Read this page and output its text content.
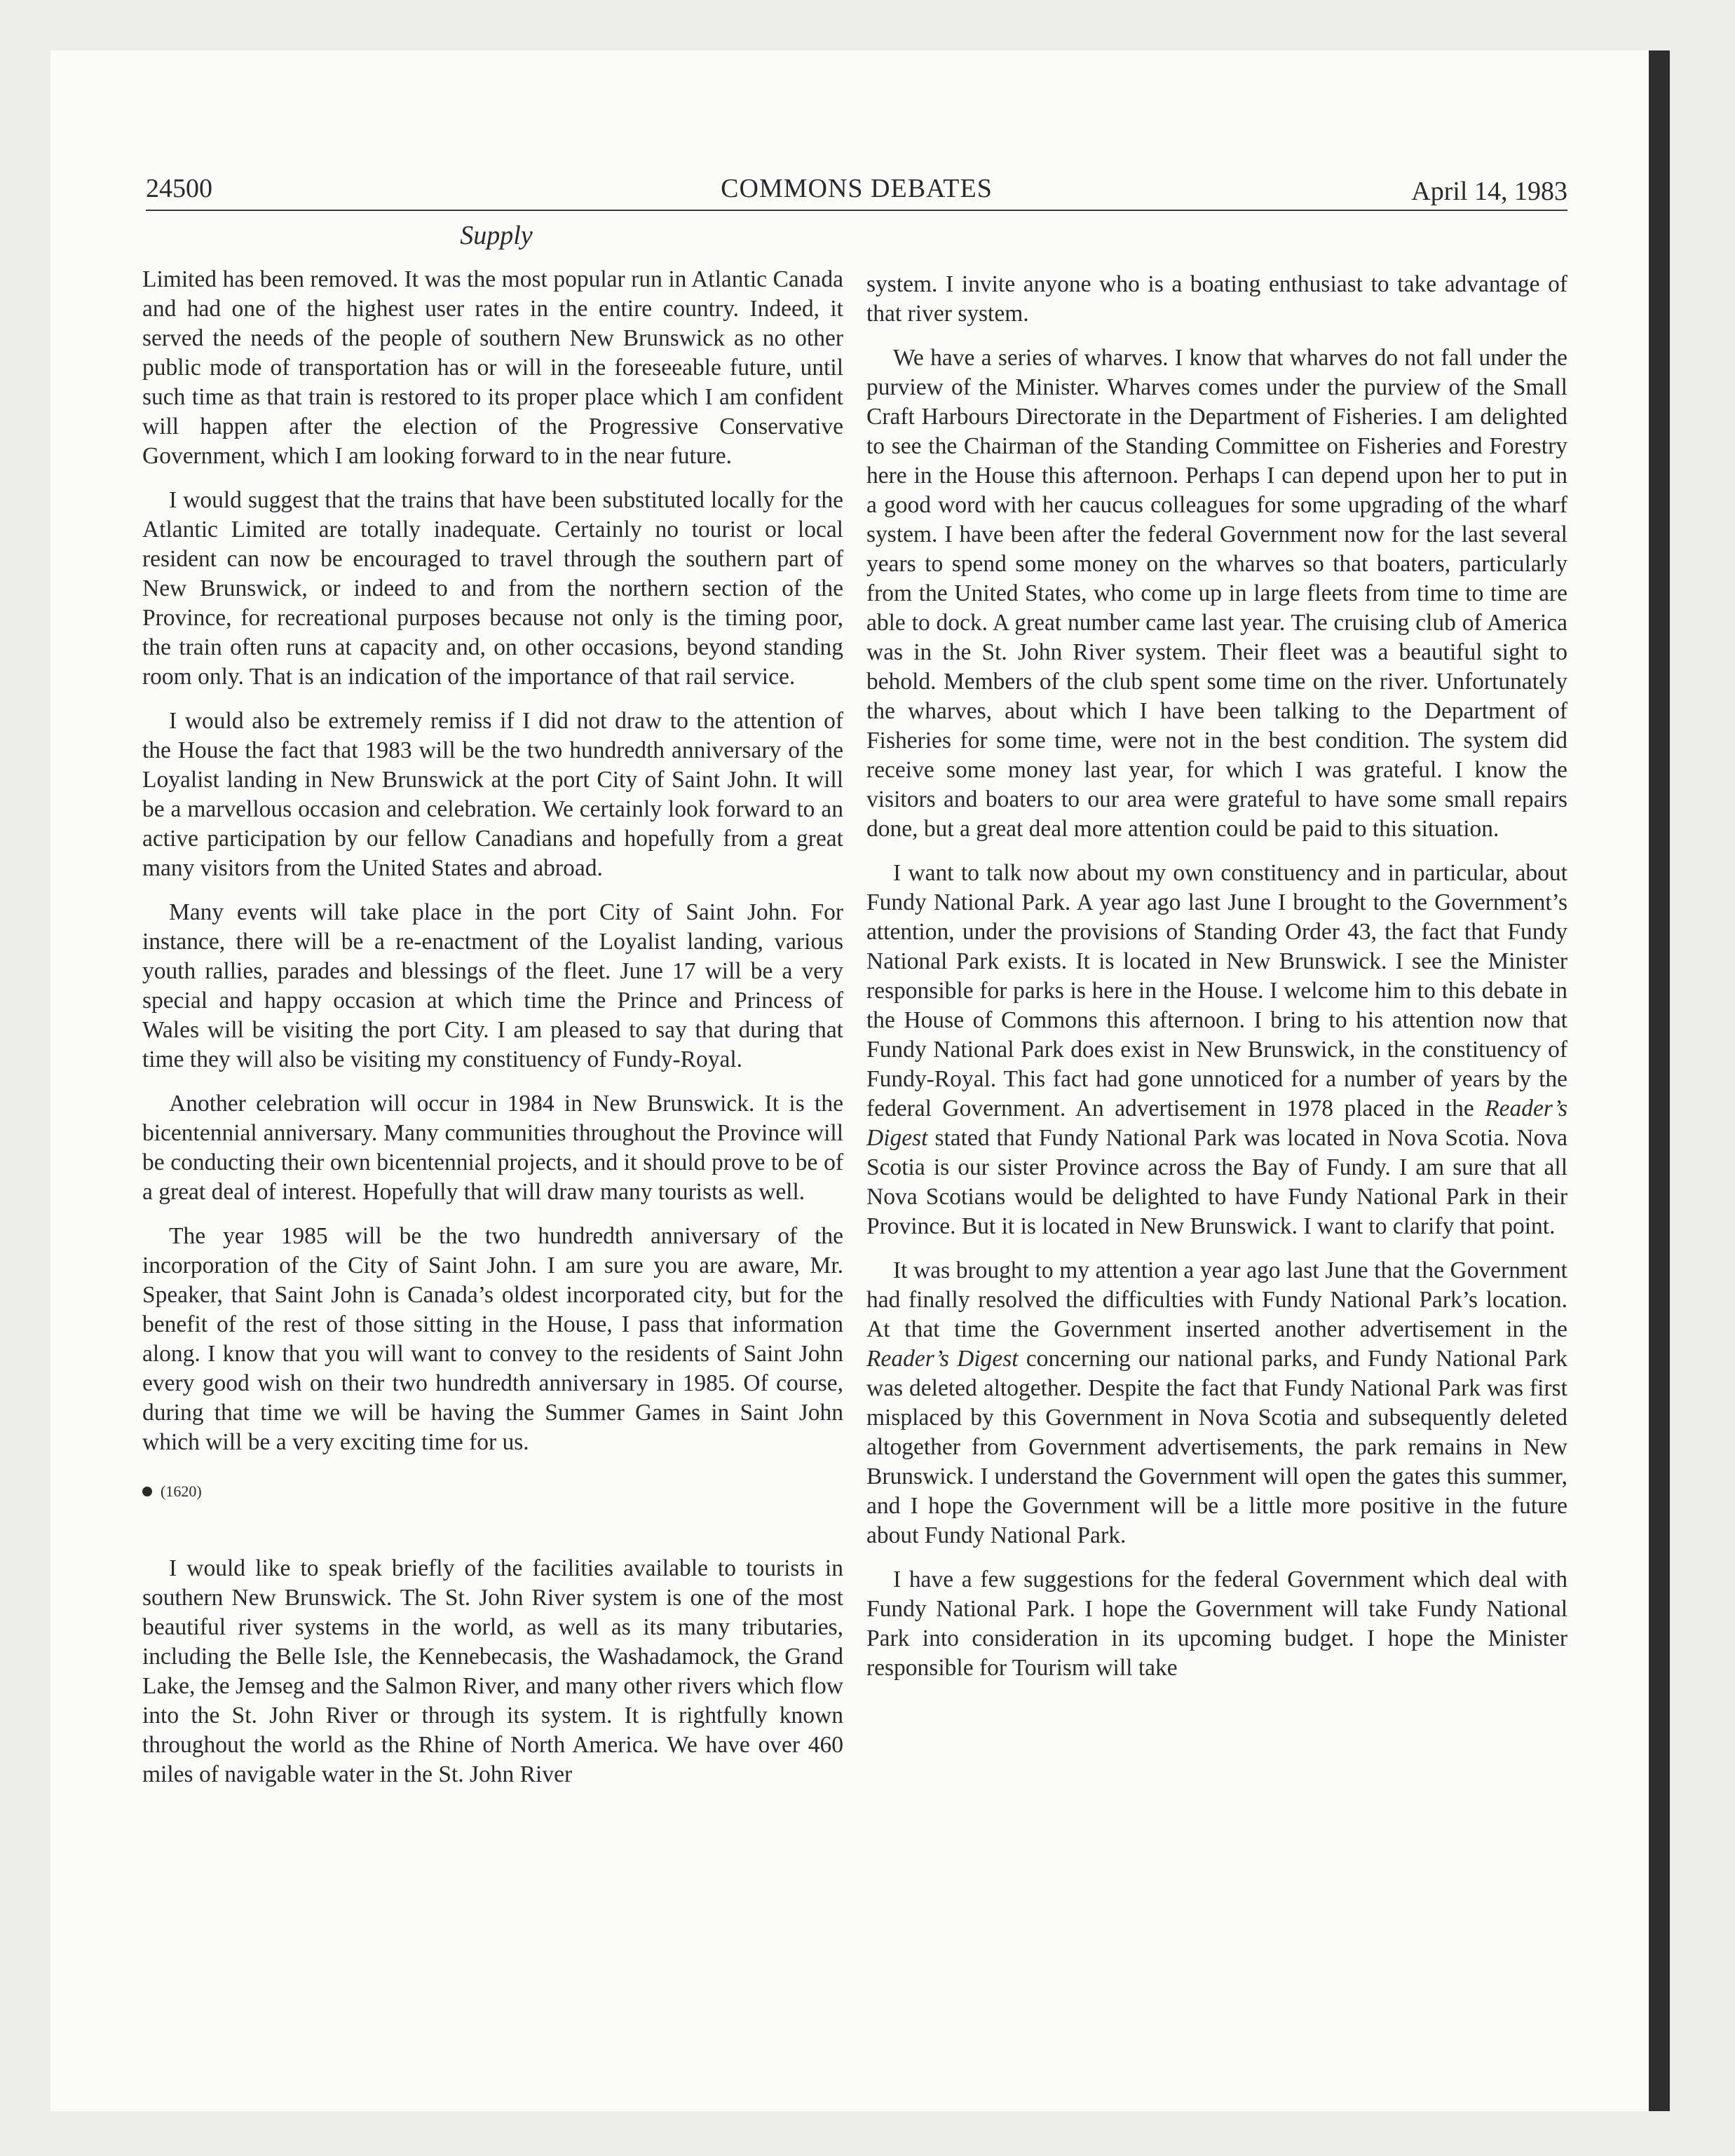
24500	COMMONS DEBATES	April 14, 1983
Supply

Limited has been removed. It was the most popular run in Atlantic Canada and had one of the highest user rates in the entire country. Indeed, it served the needs of the people of southern New Brunswick as no other public mode of transportation has or will in the foreseeable future, until such time as that train is restored to its proper place which I am confident will happen after the election of the Progressive Conservative Government, which I am looking forward to in the near future.

I would suggest that the trains that have been substituted locally for the Atlantic Limited are totally inadequate. Certainly no tourist or local resident can now be encouraged to travel through the southern part of New Brunswick, or indeed to and from the northern section of the Province, for recreational purposes because not only is the timing poor, the train often runs at capacity and, on other occasions, beyond standing room only. That is an indication of the importance of that rail service.

I would also be extremely remiss if I did not draw to the attention of the House the fact that 1983 will be the two hundredth anniversary of the Loyalist landing in New Brunswick at the port City of Saint John. It will be a marvellous occasion and celebration. We certainly look forward to an active participation by our fellow Canadians and hopefully from a great many visitors from the United States and abroad.

Many events will take place in the port City of Saint John. For instance, there will be a re-enactment of the Loyalist landing, various youth rallies, parades and blessings of the fleet. June 17 will be a very special and happy occasion at which time the Prince and Princess of Wales will be visiting the port City. I am pleased to say that during that time they will also be visiting my constituency of Fundy-Royal.

Another celebration will occur in 1984 in New Brunswick. It is the bicentennial anniversary. Many communities throughout the Province will be conducting their own bicentennial projects, and it should prove to be of a great deal of interest. Hopefully that will draw many tourists as well.

The year 1985 will be the two hundredth anniversary of the incorporation of the City of Saint John. I am sure you are aware, Mr. Speaker, that Saint John is Canada’s oldest incorporated city, but for the benefit of the rest of those sitting in the House, I pass that information along. I know that you will want to convey to the residents of Saint John every good wish on their two hundredth anniversary in 1985. Of course, during that time we will be having the Summer Games in Saint John which will be a very exciting time for us.

(1620)

I would like to speak briefly of the facilities available to tourists in southern New Brunswick. The St. John River system is one of the most beautiful river systems in the world, as well as its many tributaries, including the Belle Isle, the Kennebecasis, the Washadamock, the Grand Lake, the Jemseg and the Salmon River, and many other rivers which flow into the St. John River or through its system. It is rightfully known throughout the world as the Rhine of North America. We have over 460 miles of navigable water in the St. John River

system. I invite anyone who is a boating enthusiast to take advantage of that river system.

We have a series of wharves. I know that wharves do not fall under the purview of the Minister. Wharves comes under the purview of the Small Craft Harbours Directorate in the Department of Fisheries. I am delighted to see the Chairman of the Standing Committee on Fisheries and Forestry here in the House this afternoon. Perhaps I can depend upon her to put in a good word with her caucus colleagues for some upgrading of the wharf system. I have been after the federal Government now for the last several years to spend some money on the wharves so that boaters, particularly from the United States, who come up in large fleets from time to time are able to dock. A great number came last year. The cruising club of America was in the St. John River system. Their fleet was a beautiful sight to behold. Members of the club spent some time on the river. Unfortunately the wharves, about which I have been talking to the Department of Fisheries for some time, were not in the best condition. The system did receive some money last year, for which I was grateful. I know the visitors and boaters to our area were grateful to have some small repairs done, but a great deal more attention could be paid to this situation.

I want to talk now about my own constituency and in particular, about Fundy National Park. A year ago last June I brought to the Government’s attention, under the provisions of Standing Order 43, the fact that Fundy National Park exists. It is located in New Brunswick. I see the Minister responsible for parks is here in the House. I welcome him to this debate in the House of Commons this afternoon. I bring to his attention now that Fundy National Park does exist in New Brunswick, in the constituency of Fundy-Royal. This fact had gone unnoticed for a number of years by the federal Government. An advertisement in 1978 placed in the Reader’s Digest stated that Fundy National Park was located in Nova Scotia. Nova Scotia is our sister Province across the Bay of Fundy. I am sure that all Nova Scotians would be delighted to have Fundy National Park in their Province. But it is located in New Brunswick. I want to clarify that point.

It was brought to my attention a year ago last June that the Government had finally resolved the difficulties with Fundy National Park’s location. At that time the Government inserted another advertisement in the Reader’s Digest concerning our national parks, and Fundy National Park was deleted altogether. Despite the fact that Fundy National Park was first misplaced by this Government in Nova Scotia and subsequently deleted altogether from Government advertisements, the park remains in New Brunswick. I understand the Government will open the gates this summer, and I hope the Government will be a little more positive in the future about Fundy National Park.

I have a few suggestions for the federal Government which deal with Fundy National Park. I hope the Government will take Fundy National Park into consideration in its upcoming budget. I hope the Minister responsible for Tourism will take
